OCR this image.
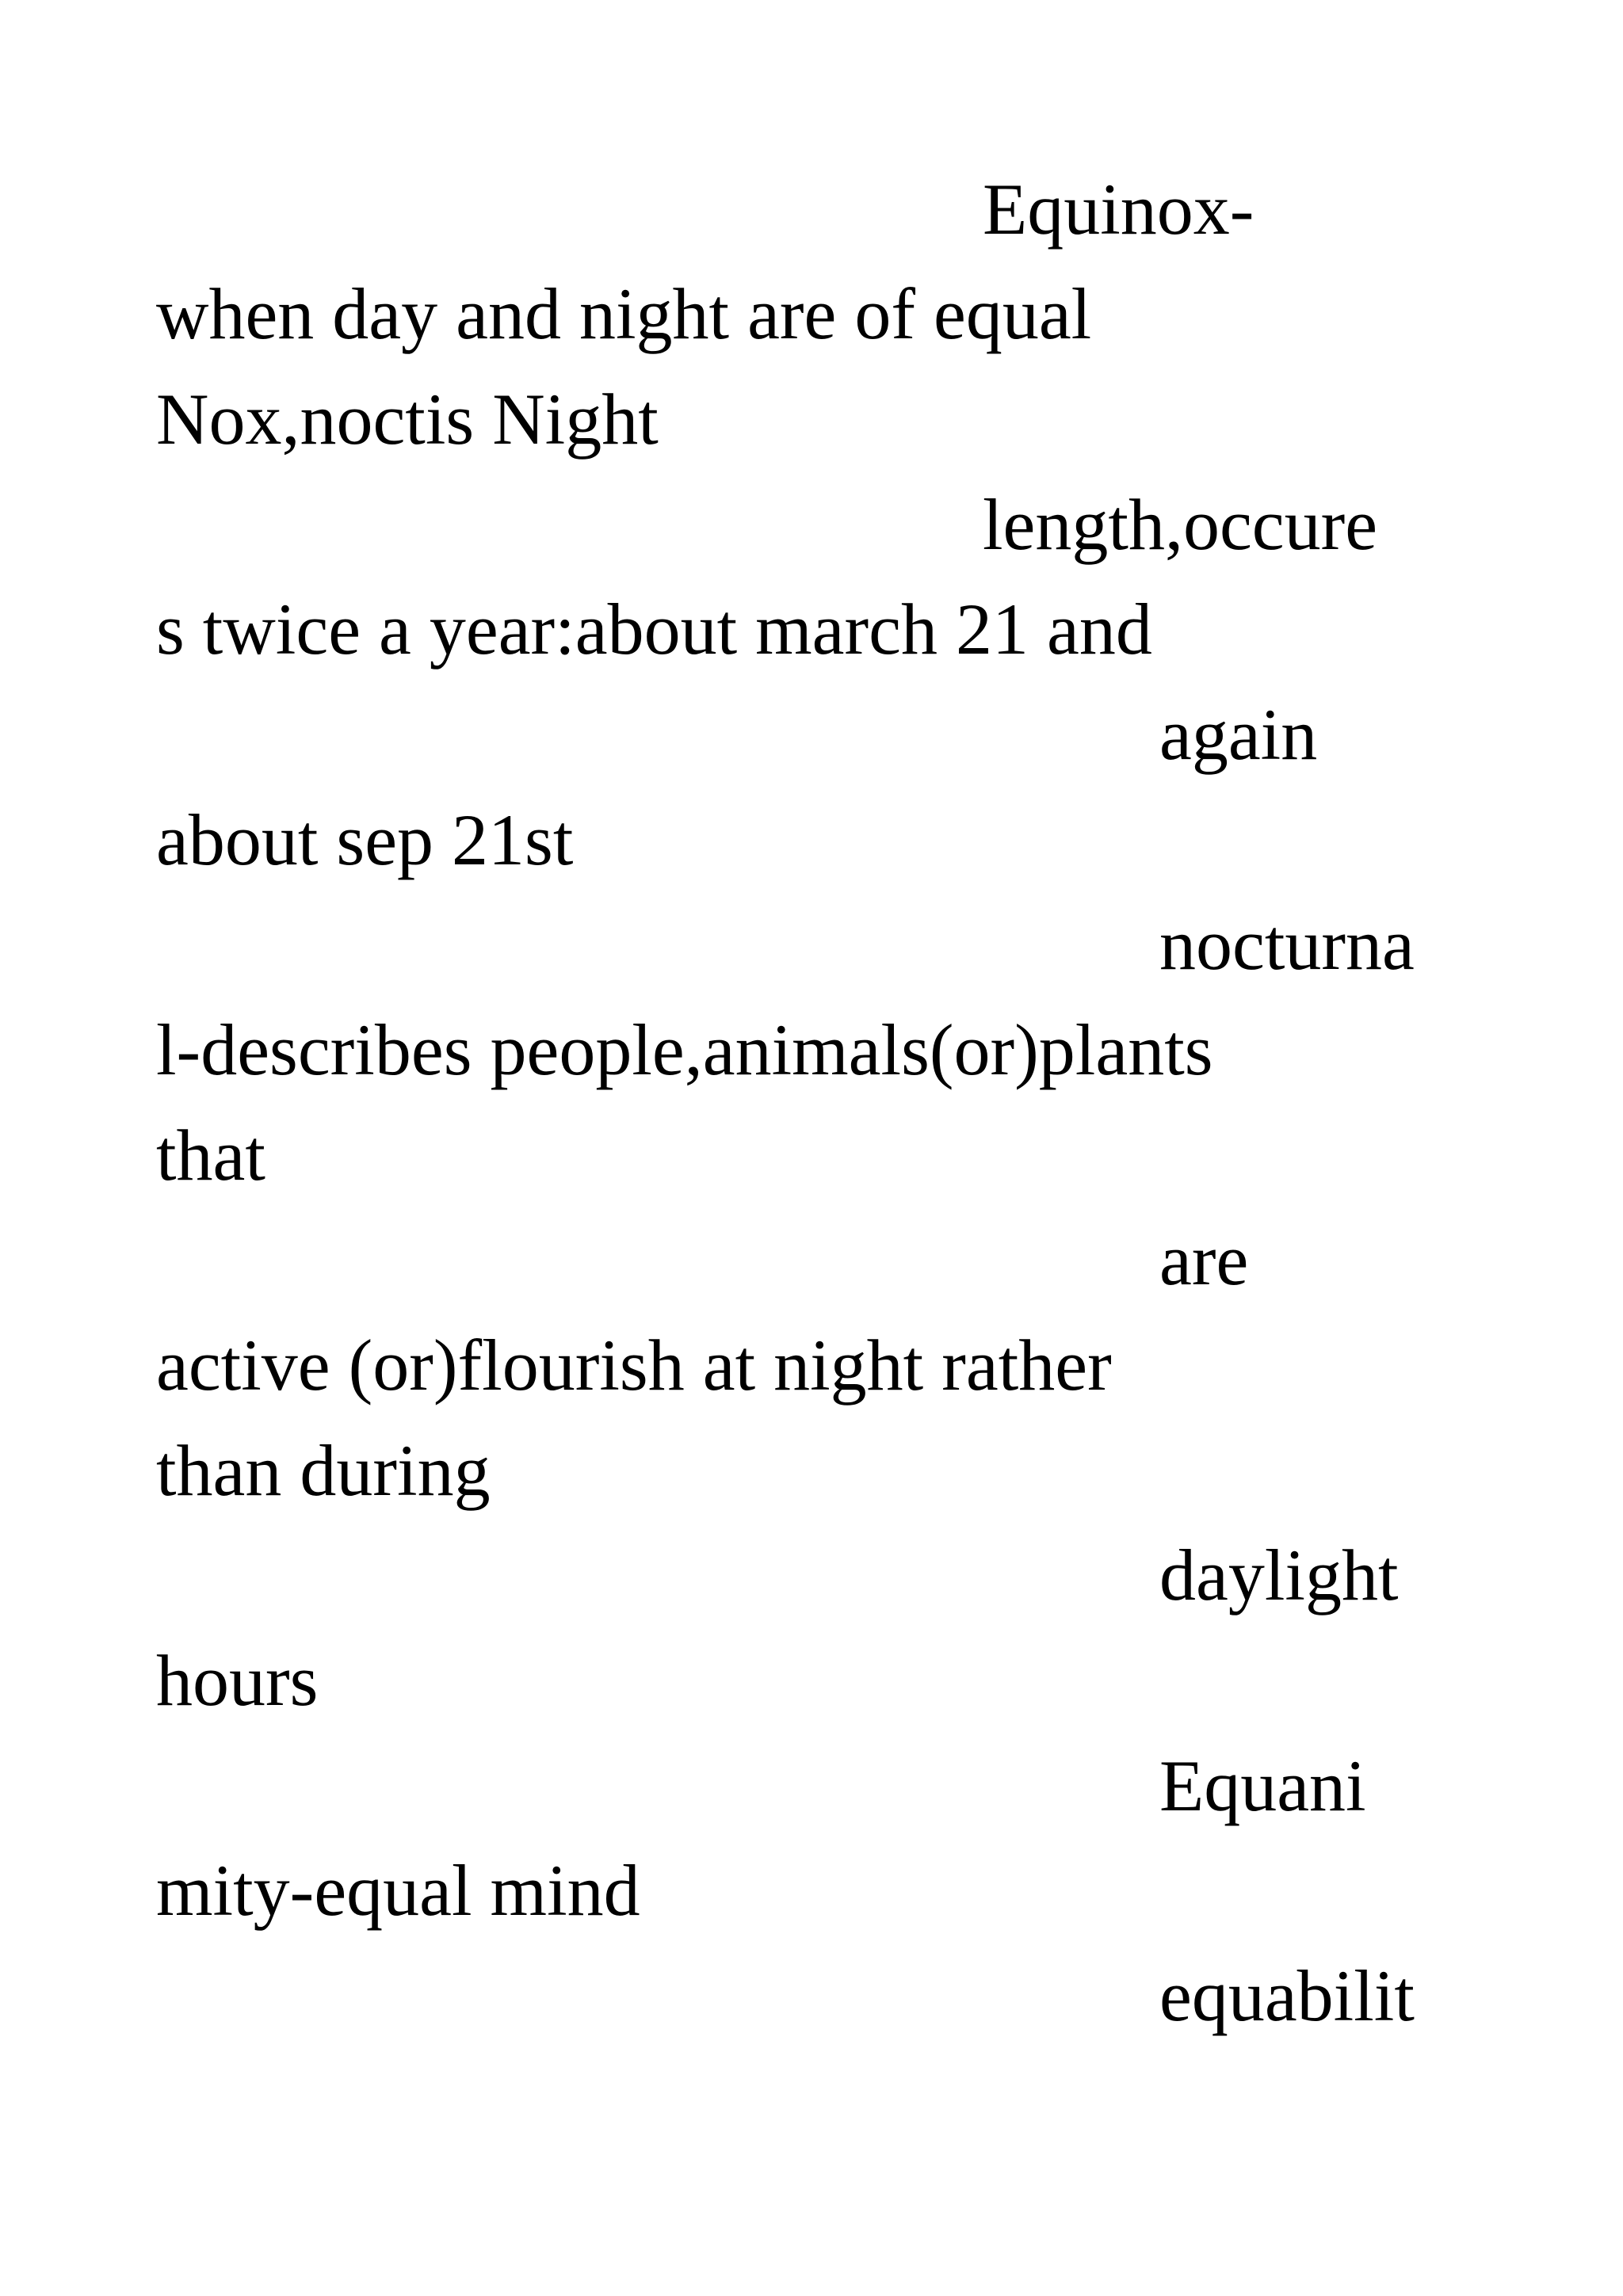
Equinox-

when day and night are of equal

Nox,noctis Night

length,occure

s twice a year:about march 21 and

again

about sep 21st

nocturna

l-describes people,animals(or)plants

that

are

active (or)flourish at night rather

than during

daylight

hours

Equani

mity-equal mind

equabilit
